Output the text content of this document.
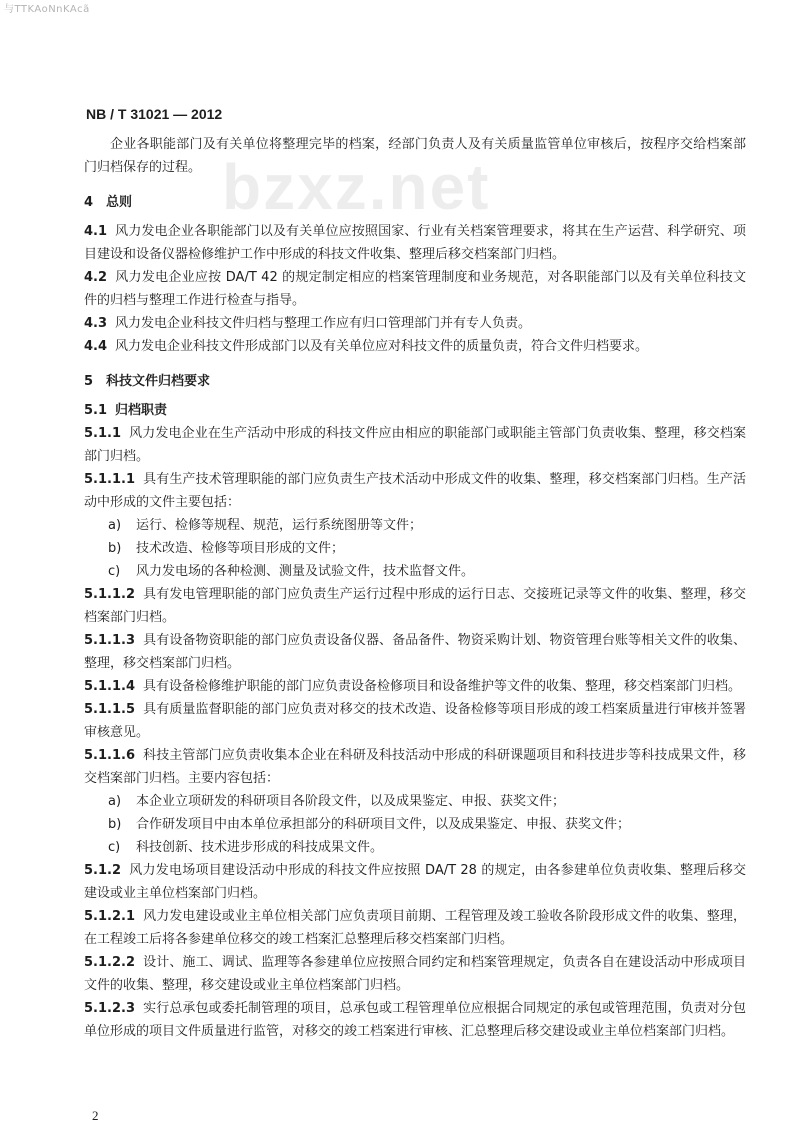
与TTKAoNnKAcã
bzxz.net
NB / T 31021 — 2012

企业各职能部门及有关单位将整理完毕的档案，经部门负责人及有关质量监管单位审核后，按程序交给档案部门归档保存的过程。

4 总则

4.1 风力发电企业各职能部门以及有关单位应按照国家、行业有关档案管理要求，将其在生产运营、科学研究、项目建设和设备仪器检修维护工作中形成的科技文件收集、整理后移交档案部门归档。

4.2 风力发电企业应按 DA/T 42 的规定制定相应的档案管理制度和业务规范，对各职能部门以及有关单位科技文件的归档与整理工作进行检查与指导。

4.3 风力发电企业科技文件归档与整理工作应有归口管理部门并有专人负责。

4.4 风力发电企业科技文件形成部门以及有关单位应对科技文件的质量负责，符合文件归档要求。

5 科技文件归档要求
5.1 归档职责

5.1.1 风力发电企业在生产活动中形成的科技文件应由相应的职能部门或职能主管部门负责收集、整理，移交档案部门归档。

5.1.1.1 具有生产技术管理职能的部门应负责生产技术活动中形成文件的收集、整理，移交档案部门归档。生产活动中形成的文件主要包括：

a) 运行、检修等规程、规范，运行系统图册等文件；

b) 技术改造、检修等项目形成的文件；

c) 风力发电场的各种检测、测量及试验文件，技术监督文件。

5.1.1.2 具有发电管理职能的部门应负责生产运行过程中形成的运行日志、交接班记录等文件的收集、整理，移交档案部门归档。

5.1.1.3 具有设备物资职能的部门应负责设备仪器、备品备件、物资采购计划、物资管理台账等相关文件的收集、整理，移交档案部门归档。

5.1.1.4 具有设备检修维护职能的部门应负责设备检修项目和设备维护等文件的收集、整理，移交档案部门归档。

5.1.1.5 具有质量监督职能的部门应负责对移交的技术改造、设备检修等项目形成的竣工档案质量进行审核并签署审核意见。

5.1.1.6 科技主管部门应负责收集本企业在科研及科技活动中形成的科研课题项目和科技进步等科技成果文件，移交档案部门归档。主要内容包括：

a) 本企业立项研发的科研项目各阶段文件，以及成果鉴定、申报、获奖文件；

b) 合作研发项目中由本单位承担部分的科研项目文件，以及成果鉴定、申报、获奖文件；

c) 科技创新、技术进步形成的科技成果文件。

5.1.2 风力发电场项目建设活动中形成的科技文件应按照 DA/T 28 的规定，由各参建单位负责收集、整理后移交建设或业主单位档案部门归档。

5.1.2.1 风力发电建设或业主单位相关部门应负责项目前期、工程管理及竣工验收各阶段形成文件的收集、整理，在工程竣工后将各参建单位移交的竣工档案汇总整理后移交档案部门归档。

5.1.2.2 设计、施工、调试、监理等各参建单位应按照合同约定和档案管理规定，负责各自在建设活动中形成项目文件的收集、整理，移交建设或业主单位档案部门归档。

5.1.2.3 实行总承包或委托制管理的项目，总承包或工程管理单位应根据合同规定的承包或管理范围，负责对分包单位形成的项目文件质量进行监管，对移交的竣工档案进行审核、汇总整理后移交建设或业主单位档案部门归档。

2
